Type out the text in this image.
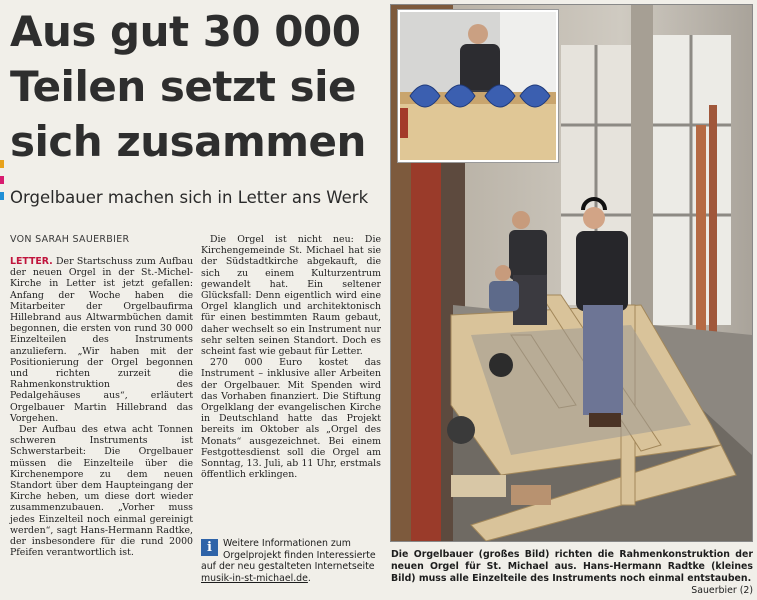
Aus gut 30 000
Teilen setzt sie
sich zusammen
Orgelbauer machen sich in Letter ans Werk
VON SARAH SAUERBIER

LETTER. Der Startschuss zum Aufbau der neuen Orgel in der St.-Michel-Kirche in Letter ist jetzt gefallen: Anfang der Woche haben die Mitarbeiter der Orgelbaufirma Hillebrand aus Altwarmbüchen damit begonnen, die ersten von rund 30 000 Einzelteilen des Instruments anzuliefern. „Wir haben mit der Positionierung der Orgel begonnen und richten zurzeit die Rahmenkonstruktion des Pedalgehäuses aus“, erläutert Orgelbauer Martin Hillebrand das Vorgehen.

Der Aufbau des etwa acht Tonnen schweren Instruments ist Schwerstarbeit: Die Orgelbauer müssen die Einzelteile über die Kirchenempore zu dem neuen Standort über dem Haupteingang der Kirche heben, um diese dort wieder zusammenzubauen. „Vorher muss jedes Einzelteil noch einmal gereinigt werden“, sagt Hans-Hermann Radtke, der insbesondere für die rund 2000 Pfeifen verantwortlich ist.

Die Orgel ist nicht neu: Die Kirchengemeinde St. Michael hat sie der Südstadtkirche abgekauft, die sich zu einem Kulturzentrum gewandelt hat. Ein seltener Glücksfall: Denn eigentlich wird eine Orgel klanglich und architektonisch für einen bestimmten Raum gebaut, daher wechselt so ein Instrument nur sehr selten seinen Standort. Doch es scheint fast wie gebaut für Letter.

270 000 Euro kostet das Instrument – inklusive aller Arbeiten der Orgelbauer. Mit Spenden wird das Vorhaben finanziert. Die Stiftung Orgelklang der evangelischen Kirche in Deutschland hatte das Projekt bereits im Oktober als „Orgel des Monats“ ausgezeichnet. Bei einem Festgottesdienst soll die Orgel am Sonntag, 13. Juli, ab 11 Uhr, erstmals öffentlich erklingen.

i	Weitere Informationen zum Orgelprojekt finden Interessierte auf der neu gestalteten Internetseite musik-in-st-michael.de.
Die Orgelbauer (großes Bild) richten die Rahmenkonstruktion der neuen Orgel für St. Michael aus. Hans-Hermann Radtke (kleines Bild) muss alle Einzelteile des Instruments noch einmal entstauben.
Sauerbier (2)
